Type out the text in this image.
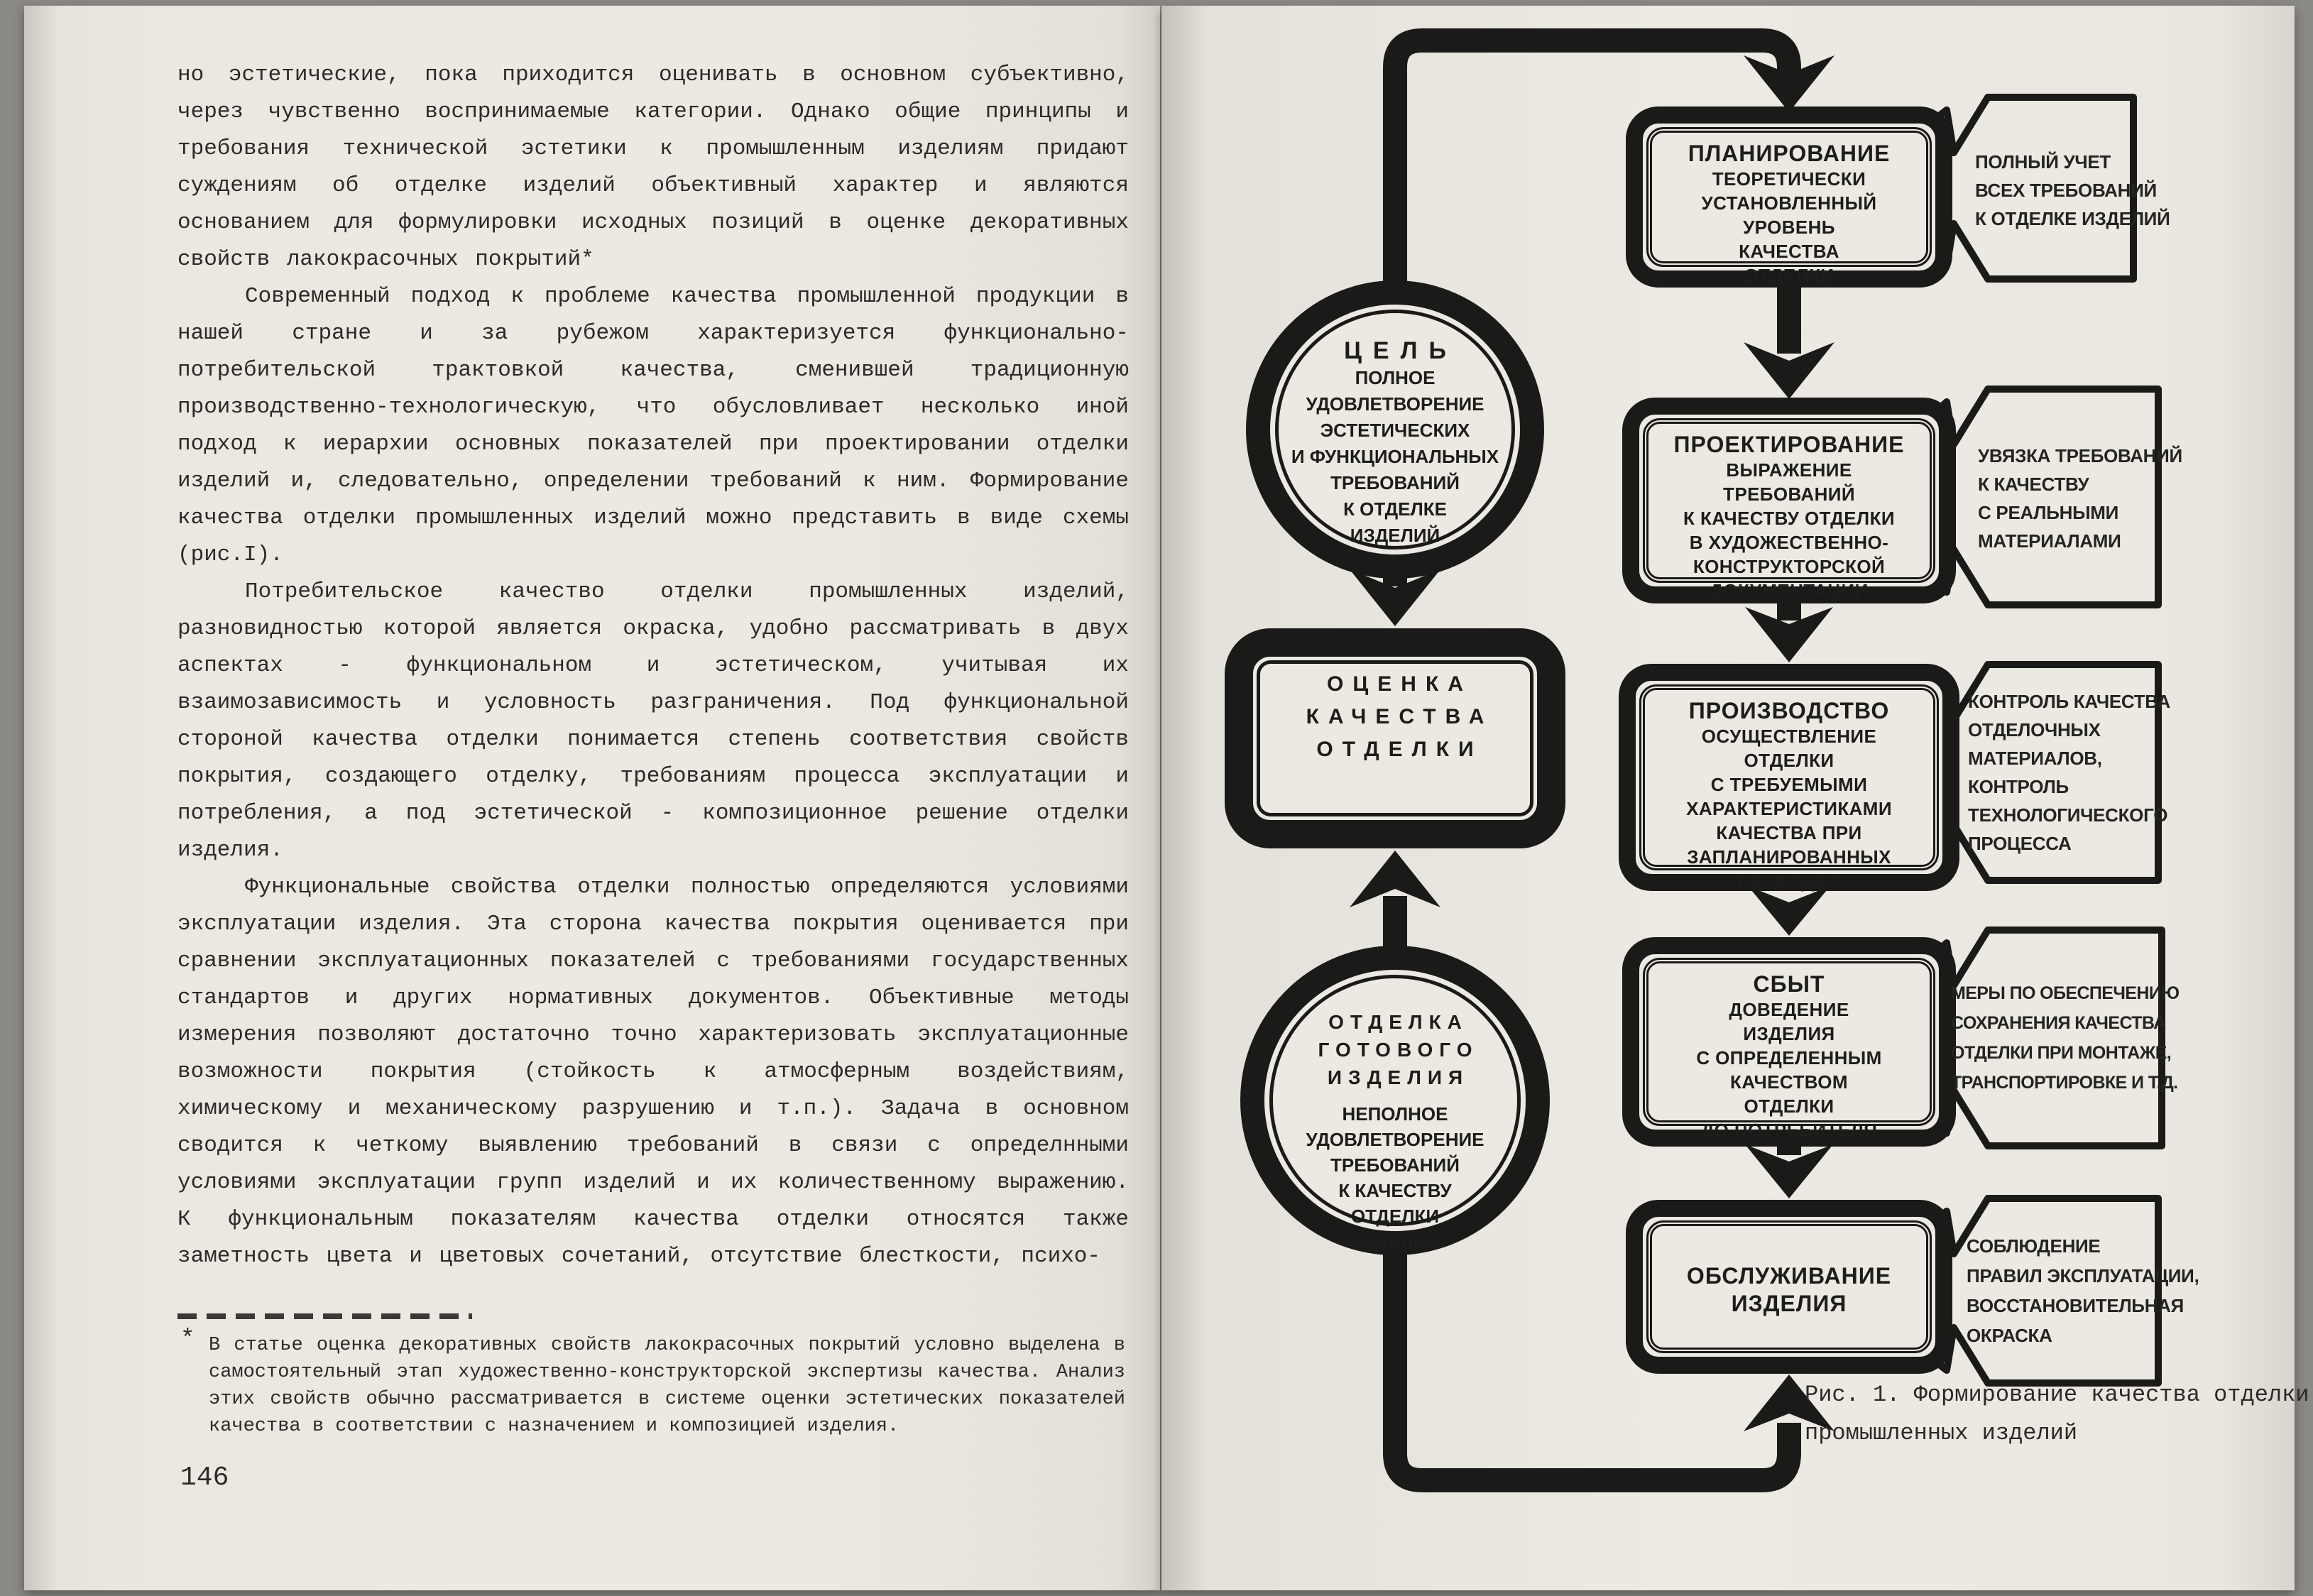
но эстетические, пока приходится оценивать в основном субъективно, через чувственно воспринимаемые категории. Однако общие принципы и требования технической эстетики к промышленным изделиям придают суждениям об отделке изделий объективный характер и являются основанием для формулировки исходных позиций в оценке декоративных свойств лакокрасочных покрытий*

Современный подход к проблеме качества промышленной продукции в нашей стране и за рубежом характеризуется функционально-потребительской трактовкой качества, сменившей традиционную производственно-технологическую, что обусловливает несколько иной подход к иерархии основных показателей при проектировании отделки изделий и, следовательно, определении требований к ним. Формирование качества отделки промышленных изделий можно представить в виде схемы (рис.I).

Потребительское качество отделки промышленных изделий, разновидностью которой является окраска, удобно рассматривать в двух аспектах - функциональном и эстетическом, учитывая их взаимозависимость и условность разграничения. Под функциональной стороной качества отделки понимается степень соответствия свойств покрытия, создающего отделку, требованиям процесса эксплуатации и потребления, а под эстетической - композиционное решение отделки изделия.

Функциональные свойства отделки полностью определяются условиями эксплуатации изделия. Эта сторона качества покрытия оценивается при сравнении эксплуатационных показателей с требованиями государственных стандартов и других нормативных документов. Объективные методы измерения позволяют достаточно точно характеризовать эксплуатационные возможности покрытия (стойкость к атмосферным воздействиям, химическому и механическому разрушению и т.п.). Задача в основном сводится к четкому выявлению требований в связи с определнными условиями эксплуатации групп изделий и их количественному выражению. К функциональным показателям качества отделки относятся также заметность цвета и цветовых сочетаний, отсутствие блесткости, психо-

* В статье оценка декоративных свойств лакокрасочных покрытий условно выделена в самостоятельный этап художественно-конструкторской экспертизы качества. Анализ этих свойств обычно рассматривается в системе оценки эстетических показателей качества в соответствии с назначением и композицией изделия.
146
ЦЕЛЬ
ПОЛНОЕ
УДОВЛЕТВОРЕНИЕ
ЭСТЕТИЧЕСКИХ
И ФУНКЦИОНАЛЬНЫХ
ТРЕБОВАНИЙ
К ОТДЕЛКЕ
ИЗДЕЛИЙ
ОЦЕНКА
КАЧЕСТВА
ОТДЕЛКИ
ОТДЕЛКА
ГОТОВОГО
ИЗДЕЛИЯ
НЕПОЛНОЕ
УДОВЛЕТВОРЕНИЕ
ТРЕБОВАНИЙ
К КАЧЕСТВУ
ОТДЕЛКИ
ИЗДЕЛИЙ
ПЛАНИРОВАНИЕ
ТЕОРЕТИЧЕСКИ
УСТАНОВЛЕННЫЙ
УРОВЕНЬ
КАЧЕСТВА
ОТДЕЛКИ
ПРОЕКТИРОВАНИЕ
ВЫРАЖЕНИЕ
ТРЕБОВАНИЙ
К КАЧЕСТВУ ОТДЕЛКИ
В ХУДОЖЕСТВЕННО-
КОНСТРУКТОРСКОЙ
ДОКУМЕНТАЦИИ
ПРОИЗВОДСТВО
ОСУЩЕСТВЛЕНИЕ
ОТДЕЛКИ
С ТРЕБУЕМЫМИ
ХАРАКТЕРИСТИКАМИ
КАЧЕСТВА ПРИ
ЗАПЛАНИРОВАННЫХ
РАСХОДАХ
СБЫТ
ДОВЕДЕНИЕ
ИЗДЕЛИЯ
С ОПРЕДЕЛЕННЫМ
КАЧЕСТВОМ
ОТДЕЛКИ
ДО ПОТРЕБИТЕЛЯ
ОБСЛУЖИВАНИЕ
ИЗДЕЛИЯ
ПОЛНЫЙ УЧЕТ
ВСЕХ ТРЕБОВАНИЙ
К ОТДЕЛКЕ ИЗДЕЛИЙ
УВЯЗКА ТРЕБОВАНИЙ
К КАЧЕСТВУ
С РЕАЛЬНЫМИ
МАТЕРИАЛАМИ
КОНТРОЛЬ КАЧЕСТВА
ОТДЕЛОЧНЫХ
МАТЕРИАЛОВ,
КОНТРОЛЬ
ТЕХНОЛОГИЧЕСКОГО
ПРОЦЕССА
МЕРЫ ПО ОБЕСПЕЧЕНИЮ
СОХРАНЕНИЯ КАЧЕСТВА
ОТДЕЛКИ ПРИ МОНТАЖЕ,
ТРАНСПОРТИРОВКЕ И Т.Д.
СОБЛЮДЕНИЕ
ПРАВИЛ ЭКСПЛУАТАЦИИ,
ВОССТАНОВИТЕЛЬНАЯ
ОКРАСКА
Рис. 1. Формирование качества отделки
промышленных изделий
